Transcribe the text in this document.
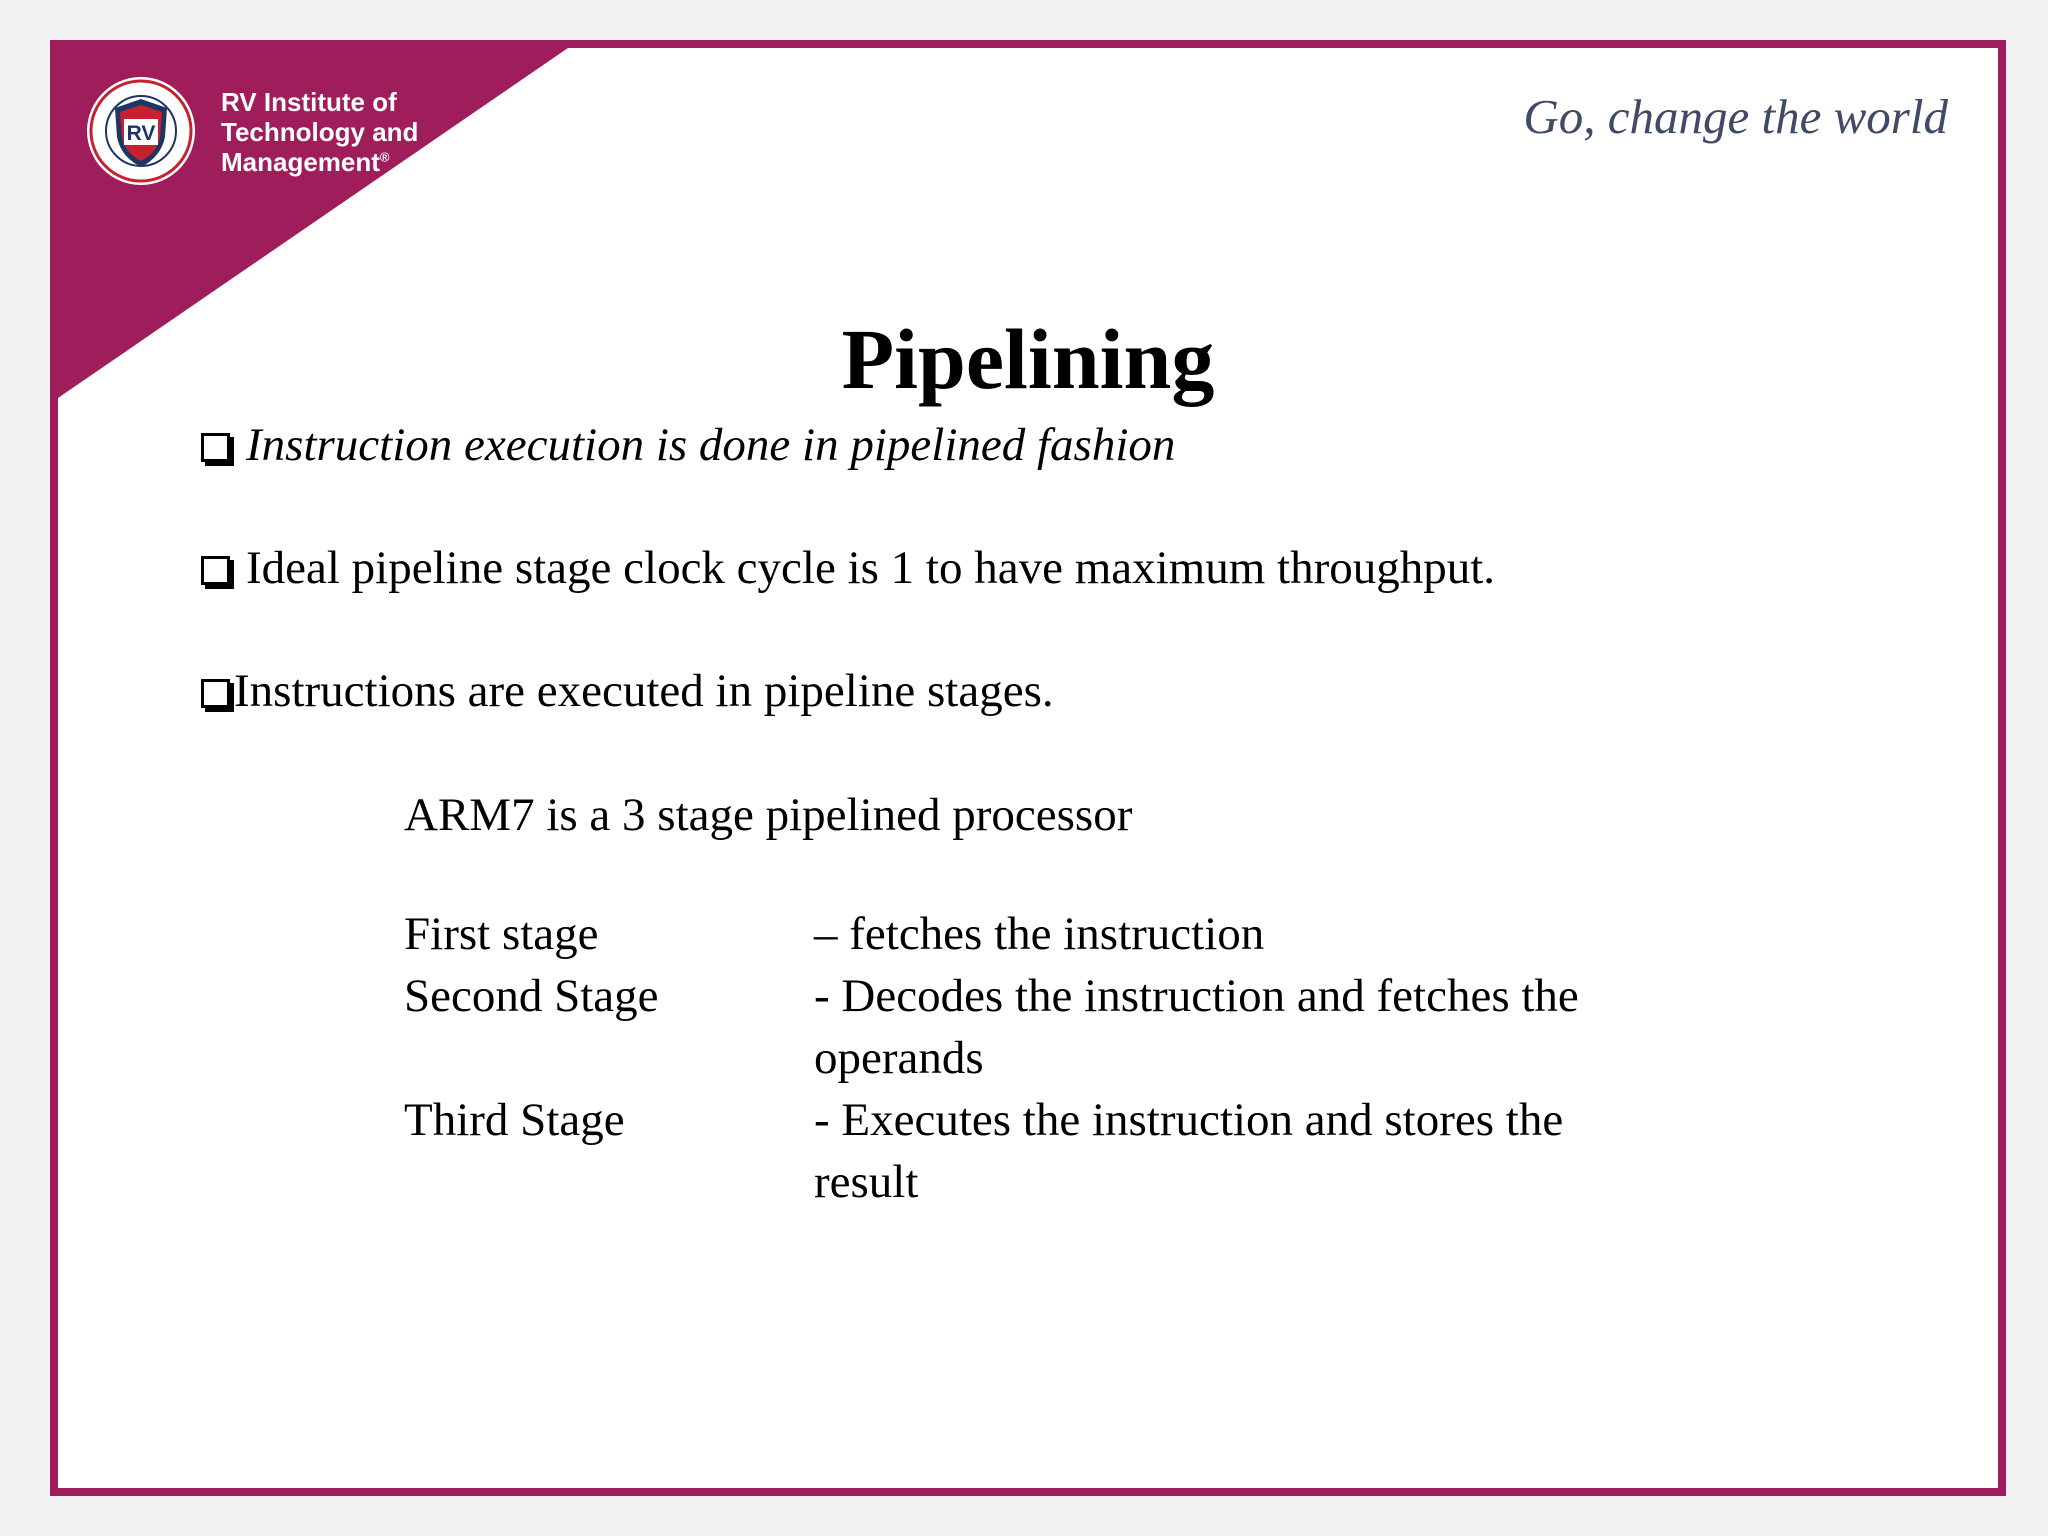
RV
RV Institute of
Technology and
Management®
Go, change the world
Pipelining
Instruction execution is done in pipelined fashion
Ideal pipeline stage clock cycle is 1 to have maximum throughput.
Instructions are executed in pipeline stages.
ARM7 is a 3 stage pipelined processor
First stage	– fetches the instruction
Second Stage	- Decodes the instruction and fetches the operands
Third Stage	- Executes the instruction and stores the result
